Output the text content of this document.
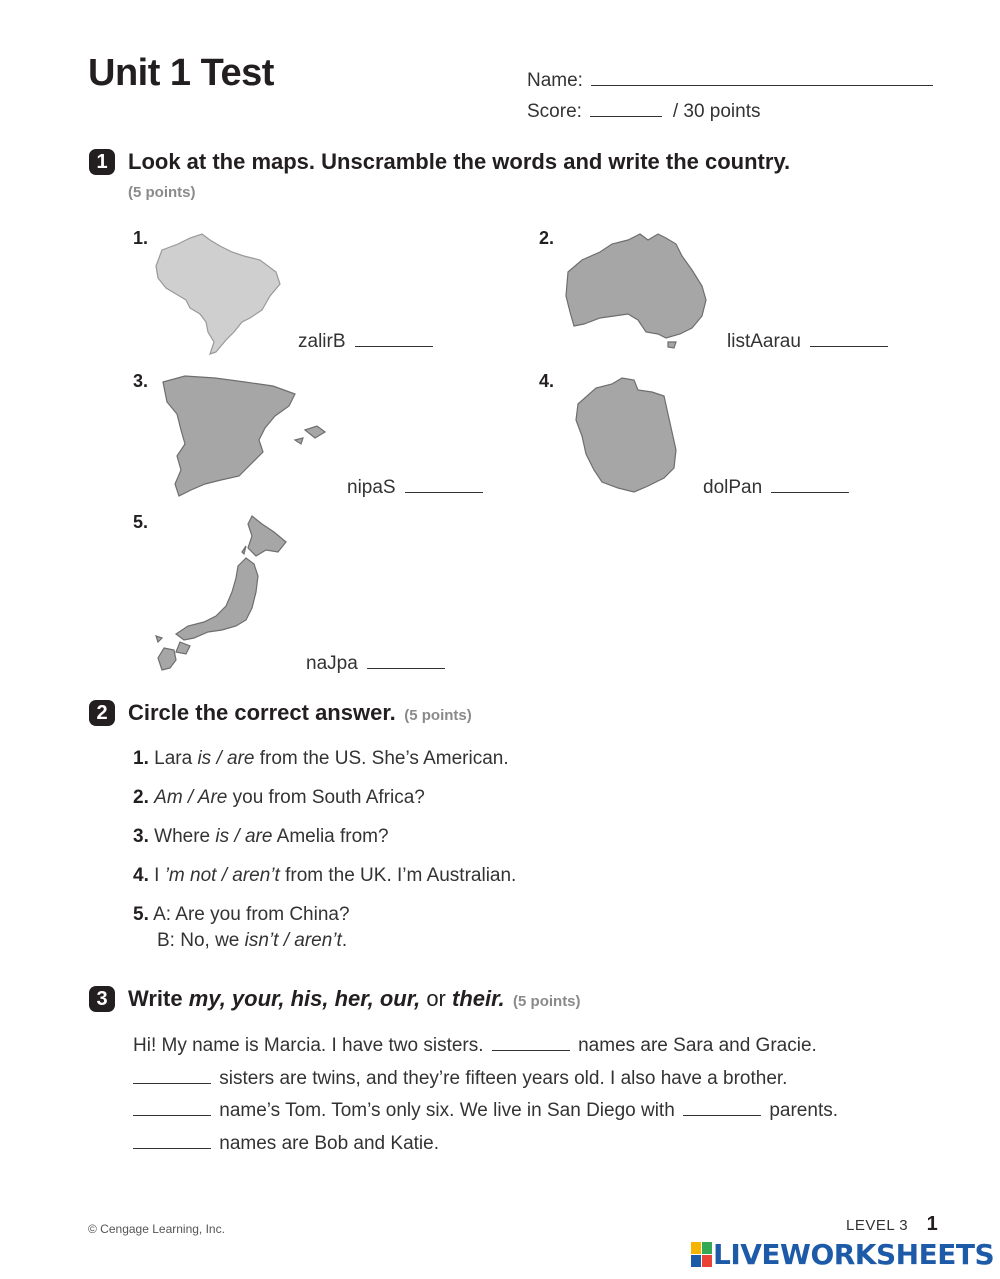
Unit 1 Test	Name:
Score:	/ 30 points
1 Look at the maps. Unscramble the words and write the country.
(5 points)
1.
zalirB
2.
listAarau
3.
nipaS
4.
dolPan
5.
naJpa
2 Circle the correct answer. (5 points)
1. Lara is / are from the US. She’s American.
2. Am / Are you from South Africa?
3. Where is / are Amelia from?
4. I ’m not / aren’t from the UK. I’m Australian.
5. A: Are you from China?
B: No, we isn’t / aren’t.
3 Write my, your, his, her, our, or their. (5 points)
Hi! My name is Marcia. I have two sisters.	names are Sara and Gracie.
sisters are twins, and they’re fifteen years old. I also have a brother.
name’s Tom. Tom’s only six. We live in San Diego with	parents.
names are Bob and Katie.
© Cengage Learning, Inc.	LEVEL 3 1
LIVEWORKSHEETS
